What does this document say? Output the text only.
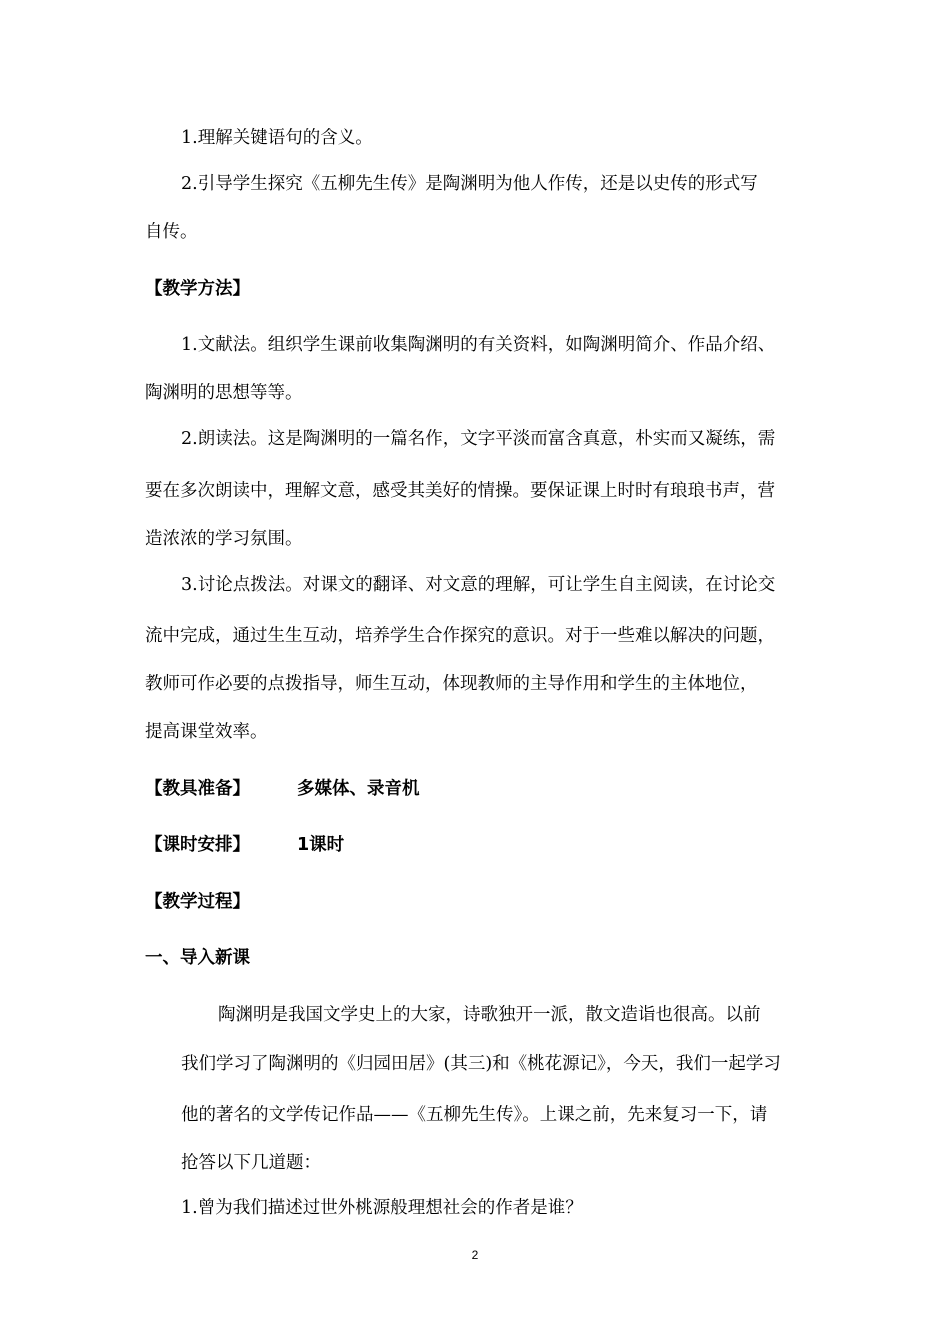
1.理解关键语句的含义。
2.引导学生探究《五柳先生传》是陶渊明为他人作传，还是以史传的形式写
自传。
【教学方法】
1.文献法。组织学生课前收集陶渊明的有关资料，如陶渊明简介、作品介绍、
陶渊明的思想等等。
2.朗读法。这是陶渊明的一篇名作，文字平淡而富含真意，朴实而又凝练，需
要在多次朗读中，理解文意，感受其美好的情操。要保证课上时时有琅琅书声，营
造浓浓的学习氛围。
3.讨论点拨法。对课文的翻译、对文意的理解，可让学生自主阅读，在讨论交
流中完成，通过生生互动，培养学生合作探究的意识。对于一些难以解决的问题，
教师可作必要的点拨指导，师生互动，体现教师的主导作用和学生的主体地位，
提高课堂效率。
【教具准备】	多媒体、录音机
【课时安排】	1课时
【教学过程】
一、导入新课
陶渊明是我国文学史上的大家，诗歌独开一派，散文造诣也很高。以前
我们学习了陶渊明的《归园田居》(其三)和《桃花源记》，今天，我们一起学习
他的著名的文学传记作品——《五柳先生传》。上课之前，先来复习一下，请
抢答以下几道题：
1.曾为我们描述过世外桃源般理想社会的作者是谁？
2
